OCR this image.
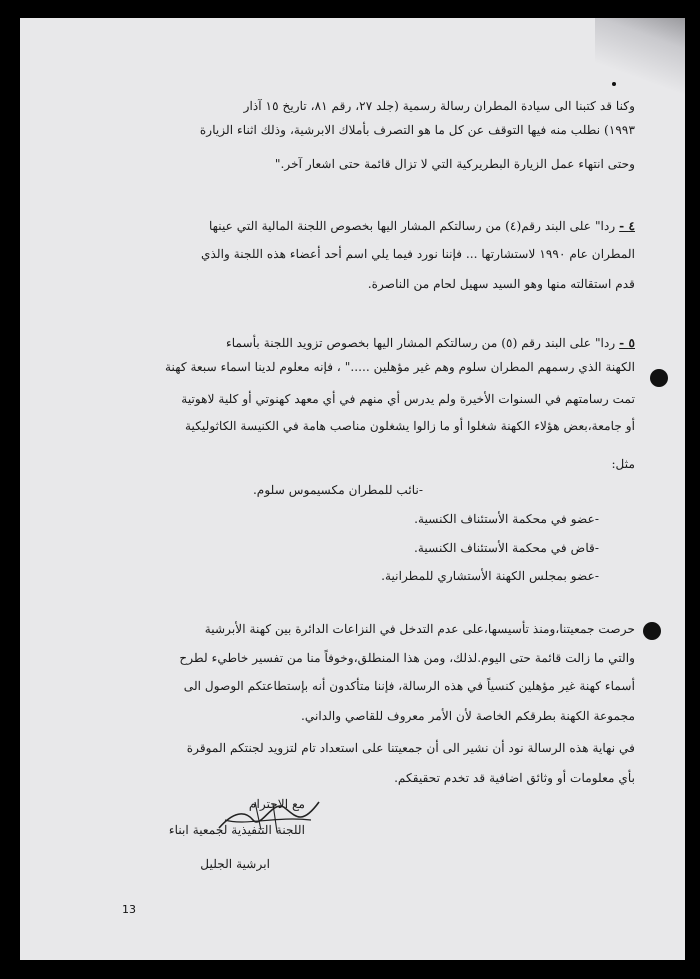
وكنا قد كتبنا الى سيادة المطران رسالة رسمية (جلد ٢٧، رقم ٨١، تاريخ ١٥ آذار
١٩٩٣) نطلب منه فيها التوقف عن كل ما هو التصرف بأملاك الابرشية، وذلك اثناء الزيارة
وحتى انتهاء عمل الزيارة البطريركية التي لا تزال قائمة حتى اشعار آخر."
٤ - ردا" على البند رقم(٤) من رسالتكم المشار اليها بخصوص اللجنة المالية التي عينها
المطران عام ١٩٩٠ لاستشارتها ... فإننا نورد فيما يلي اسم أحد أعضاء هذه اللجنة والذي
قدم استقالته منها وهو السيد سهيل لحام من الناصرة.
٥ - ردا" على البند رقم (٥) من رسالتكم المشار اليها بخصوص تزويد اللجنة بأسماء
الكهنة الذي رسمهم المطران سلوم وهم غير مؤهلين ....." ، فإنه معلوم لدينا اسماء سبعة كهنة
تمت رسامتهم في السنوات الأخيرة ولم يدرس أي منهم في أي معهد كهنوتي أو كلية لاهوتية
أو جامعة،بعض هؤلاء الكهنة شغلوا أو ما زالوا يشغلون مناصب هامة في الكنيسة الكاثوليكية
مثل:
-نائب للمطران مكسيموس سلوم.
-عضو في محكمة الأستئناف الكنسية.
-قاض في محكمة الأستئناف الكنسية.
-عضو بمجلس الكهنة الأستشاري للمطرانية.
حرصت جمعيتنا،ومنذ تأسيسها،على عدم التدخل في النزاعات الدائرة بين كهنة الأبرشية
والتي ما زالت قائمة حتى اليوم.لذلك، ومن هذا المنطلق،وخوفاً منا من تفسير خاطيء لطرح
أسماء كهنة غير مؤهلين كنسياً في هذه الرسالة، فإننا متأكدون أنه بإستطاعتكم الوصول الى
مجموعة الكهنة بطرقكم الخاصة لأن الأمر معروف للقاصي والداني.
في نهاية هذه الرسالة نود أن نشير الى أن جمعيتنا على استعداد تام لتزويد لجنتكم الموقرة
بأي معلومات أو وثائق اضافية قد تخدم تحقيقكم.
مع الاحترام
اللجنة التنفيذية لجمعية ابناء
ابرشية الجليل
13
